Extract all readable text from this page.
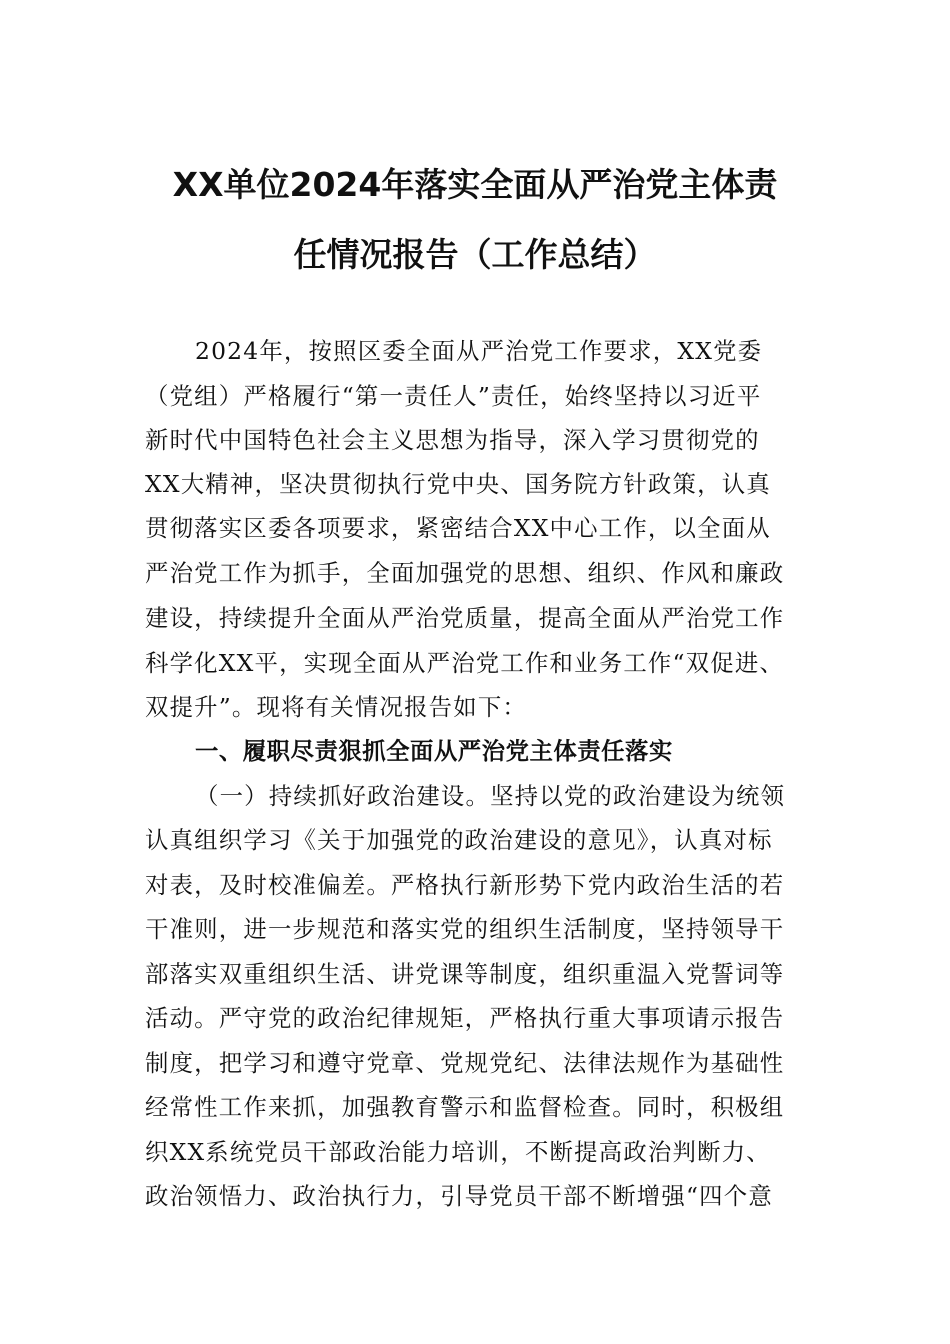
XX单位2024年落实全面从严治党主体责
任情况报告（工作总结）
2024年，按照区委全面从严治党工作要求，XX党委
（党组）严格履行“第一责任人”责任，始终坚持以习近平
新时代中国特色社会主义思想为指导，深入学习贯彻党的
XX大精神，坚决贯彻执行党中央、国务院方针政策，认真
贯彻落实区委各项要求，紧密结合XX中心工作，以全面从
严治党工作为抓手，全面加强党的思想、组织、作风和廉政
建设，持续提升全面从严治党质量，提高全面从严治党工作
科学化XX平，实现全面从严治党工作和业务工作“双促进、
双提升”。现将有关情况报告如下：
一、履职尽责狠抓全面从严治党主体责任落实
（一）持续抓好政治建设。坚持以党的政治建设为统领
认真组织学习《关于加强党的政治建设的意见》，认真对标
对表，及时校准偏差。严格执行新形势下党内政治生活的若
干准则，进一步规范和落实党的组织生活制度，坚持领导干
部落实双重组织生活、讲党课等制度，组织重温入党誓词等
活动。严守党的政治纪律规矩，严格执行重大事项请示报告
制度，把学习和遵守党章、党规党纪、法律法规作为基础性
经常性工作来抓，加强教育警示和监督检查。同时，积极组
织XX系统党员干部政治能力培训，不断提高政治判断力、
政治领悟力、政治执行力，引导党员干部不断增强“四个意
